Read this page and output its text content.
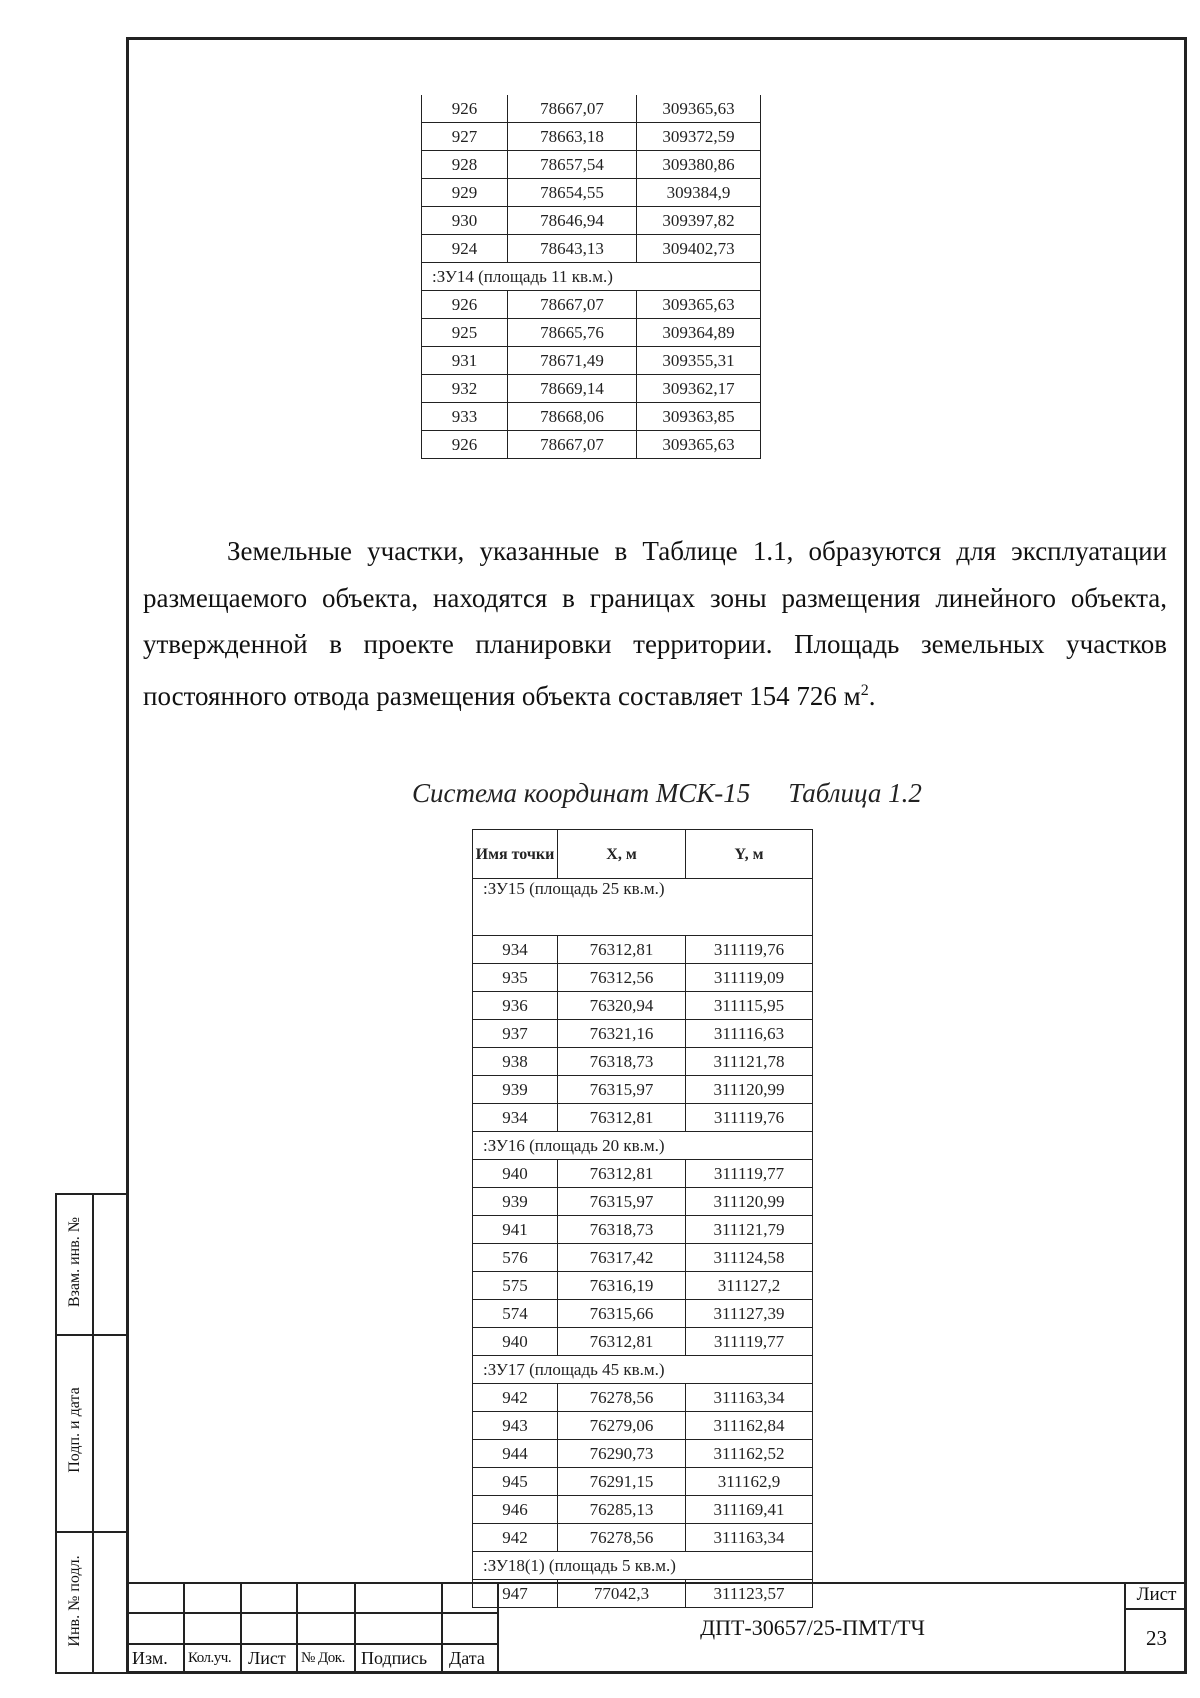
926	78667,07	309365,63
927	78663,18	309372,59
928	78657,54	309380,86
929	78654,55	309384,9
930	78646,94	309397,82
924	78643,13	309402,73
:ЗУ14 (площадь 11 кв.м.)		
926	78667,07	309365,63
925	78665,76	309364,89
931	78671,49	309355,31
932	78669,14	309362,17
933	78668,06	309363,85
926	78667,07	309365,63
Земельные участки, указанные в Таблице 1.1, образуются для эксплуатации
размещаемого объекта, находятся в границах зоны размещения линейного объекта,
утвержденной в проекте планировки территории. Площадь земельных участков
постоянного отвода размещения объекта составляет 154 726 $м^2$.
Система координат МСК-15 Таблица 1.2
Имя точки	X, м	Y, м
:ЗУ15 (площадь 25 кв.м.)		
934	76312,81	311119,76
935	76312,56	311119,09
936	76320,94	311115,95
937	76321,16	311116,63
938	76318,73	311121,78
939	76315,97	311120,99
934	76312,81	311119,76
:ЗУ16 (площадь 20 кв.м.)		
940	76312,81	311119,77
939	76315,97	311120,99
941	76318,73	311121,79
576	76317,42	311124,58
575	76316,19	311127,2
574	76315,66	311127,39
940	76312,81	311119,77
:ЗУ17 (площадь 45 кв.м.)		
942	76278,56	311163,34
943	76279,06	311162,84
944	76290,73	311162,52
945	76291,15	311162,9
946	76285,13	311169,41
942	76278,56	311163,34
:ЗУ18(1) (площадь 5 кв.м.)		
947	77042,3	311123,57
Взам. инв. №
Подп. и дата
Инв. № подл.
Изм. Кол.уч. Лист № Док. Подпись Дата
ДПТ-30657/25-ПМТ/ТЧ
Лист
23
